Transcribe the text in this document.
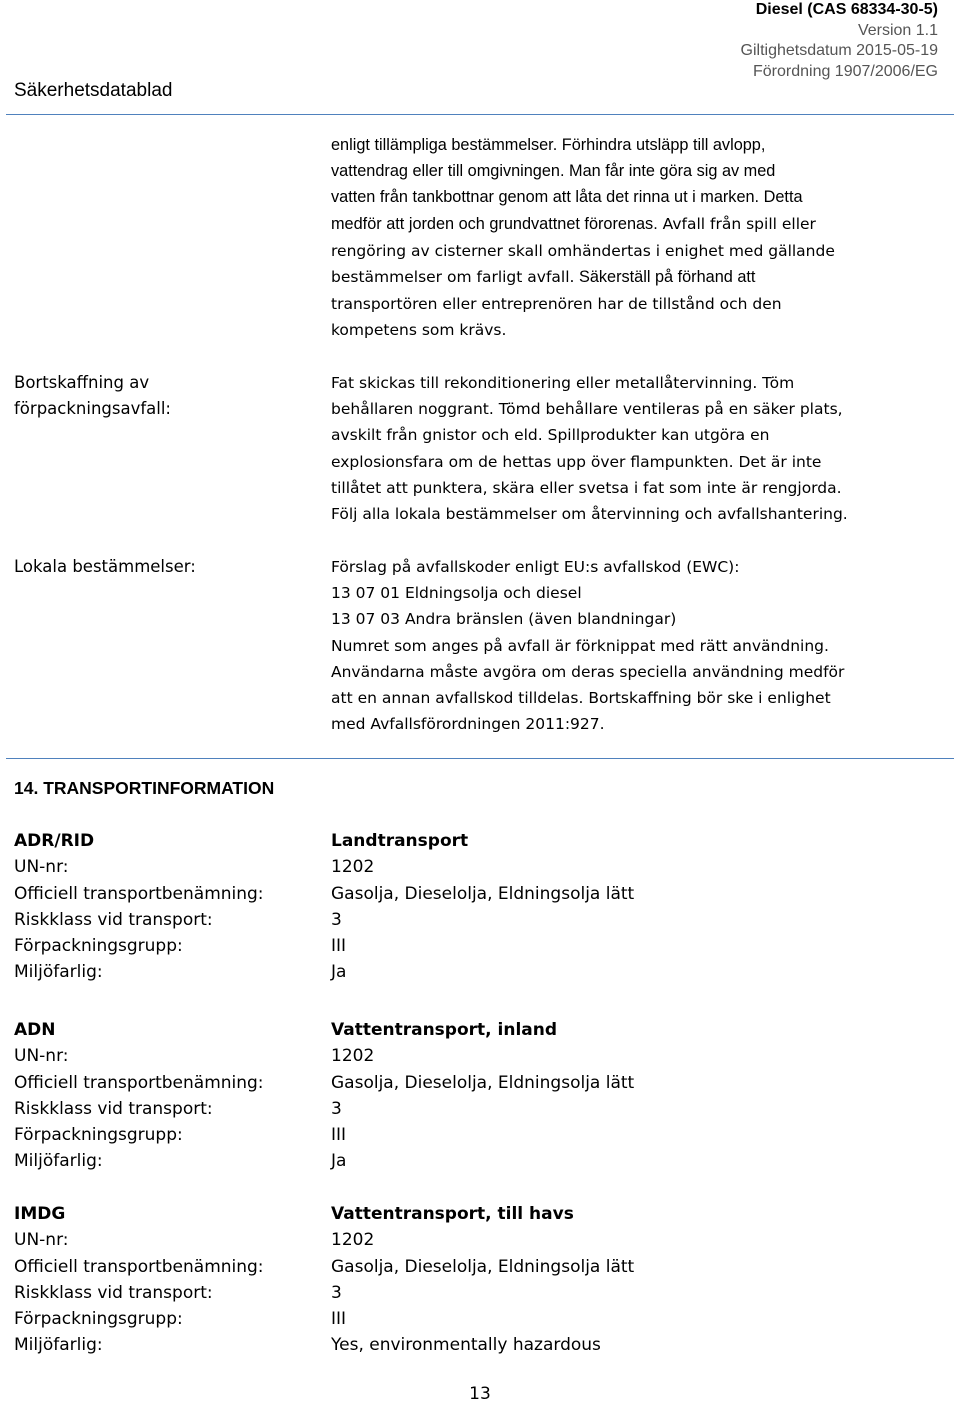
Säkerhetsdatablad
Diesel (CAS 68334-30-5)
Version 1.1
Giltighetsdatum 2015-05-19
Förordning 1907/2006/EG
enligt tillämpliga bestämmelser. Förhindra utsläpp till avlopp,
vattendrag eller till omgivningen. Man får inte göra sig av med
vatten från tankbottnar genom att låta det rinna ut i marken. Detta
medför att jorden och grundvattnet förorenas. Avfall från spill eller
rengöring av cisterner skall omhändertas i enighet med gällande
bestämmelser om farligt avfall. Säkerställ på förhand att
transportören eller entreprenören har de tillstånd och den
kompetens som krävs.
Bortskaffning av
förpackningsavfall:
Fat skickas till rekonditionering eller metallåtervinning. Töm
behållaren noggrant. Tömd behållare ventileras på en säker plats,
avskilt från gnistor och eld. Spillprodukter kan utgöra en
explosionsfara om de hettas upp över flampunkten. Det är inte
tillåtet att punktera, skära eller svetsa i fat som inte är rengjorda.
Följ alla lokala bestämmelser om återvinning och avfallshantering.
Lokala bestämmelser:	Förslag på avfallskoder enligt EU:s avfallskod (EWC):
13 07 01 Eldningsolja och diesel
13 07 03 Andra bränslen (även blandningar)
Numret som anges på avfall är förknippat med rätt användning.
Användarna måste avgöra om deras speciella användning medför
att en annan avfallskod tilldelas. Bortskaffning bör ske i enlighet
med Avfallsförordningen 2011:927.
14. TRANSPORTINFORMATION
ADR/RID	Landtransport
UN-nr:	1202
Officiell transportbenämning:	Gasolja, Dieselolja, Eldningsolja lätt
Riskklass vid transport:	3
Förpackningsgrupp:	III
Miljöfarlig:	Ja
ADN	Vattentransport, inland
UN-nr:	1202
Officiell transportbenämning:	Gasolja, Dieselolja, Eldningsolja lätt
Riskklass vid transport:	3
Förpackningsgrupp:	III
Miljöfarlig:	Ja
IMDG	Vattentransport, till havs
UN-nr:	1202
Officiell transportbenämning:	Gasolja, Dieselolja, Eldningsolja lätt
Riskklass vid transport:	3
Förpackningsgrupp:	III
Miljöfarlig:	Yes, environmentally hazardous
13
